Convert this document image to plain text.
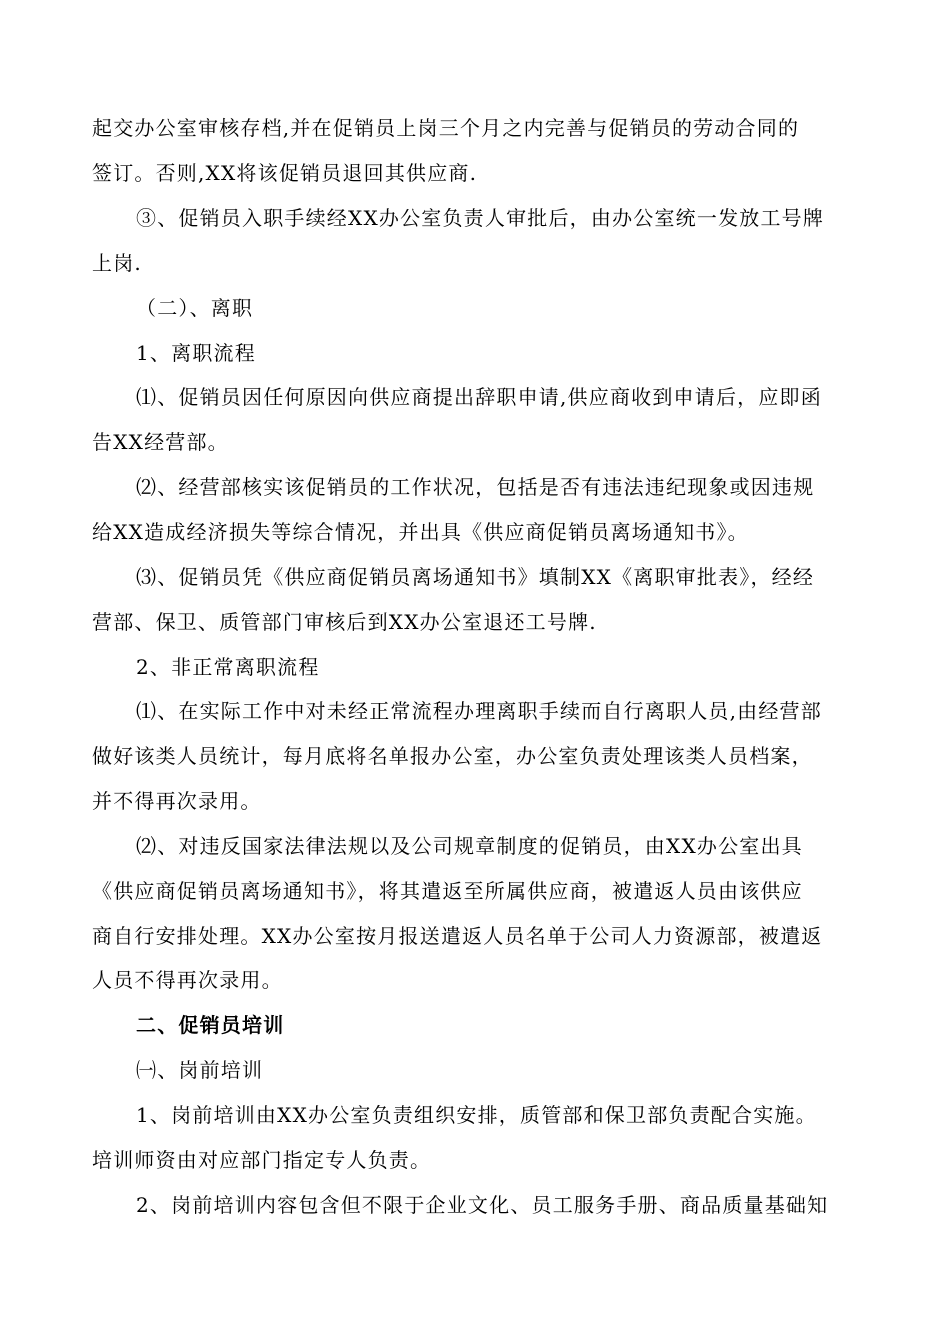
起交办公室审核存档,并在促销员上岗三个月之内完善与促销员的劳动合同的
签订。否则,XX将该促销员退回其供应商.
③、促销员入职手续经XX办公室负责人审批后，由办公室统一发放工号牌
上岗.
（二）、离职
1、离职流程
⑴、促销员因任何原因向供应商提出辞职申请,供应商收到申请后，应即函
告XX经营部。
⑵、经营部核实该促销员的工作状况，包括是否有违法违纪现象或因违规
给XX造成经济损失等综合情况，并出具《供应商促销员离场通知书》。
⑶、促销员凭《供应商促销员离场通知书》填制XX《离职审批表》，经经
营部、保卫、质管部门审核后到XX办公室退还工号牌.
2、非正常离职流程
⑴、在实际工作中对未经正常流程办理离职手续而自行离职人员,由经营部
做好该类人员统计，每月底将名单报办公室，办公室负责处理该类人员档案，
并不得再次录用。
⑵、对违反国家法律法规以及公司规章制度的促销员，由XX办公室出具
《供应商促销员离场通知书》，将其遣返至所属供应商，被遣返人员由该供应
商自行安排处理。XX办公室按月报送遣返人员名单于公司人力资源部，被遣返
人员不得再次录用。
二、促销员培训
㈠、岗前培训
1、岗前培训由XX办公室负责组织安排，质管部和保卫部负责配合实施。
培训师资由对应部门指定专人负责。
2、岗前培训内容包含但不限于企业文化、员工服务手册、商品质量基础知
